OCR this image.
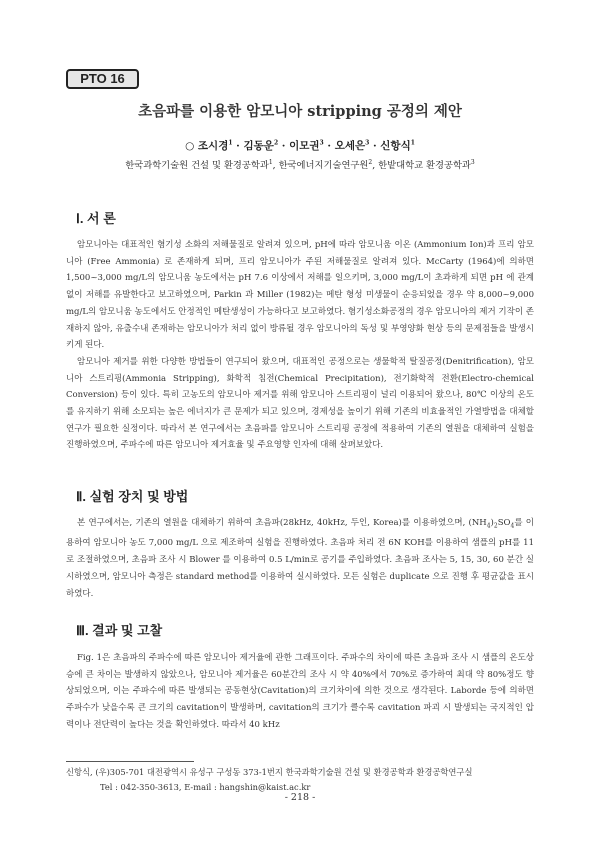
PTO 16
초음파를 이용한 암모니아 stripping 공정의 제안
○ 조시경$^1$ · 김동운$^2$ · 이모권$^3$ · 오세은$^3$ · 신항식$^1$
한국과학기술원 건설 및 환경공학과$^1$, 한국에너지기술연구원$^2$, 한밭대학교 환경공학과$^3$
Ⅰ. 서 론

암모니아는 대표적인 혐기성 소화의 저해물질로 알려져 있으며, pH에 따라 암모니움 이온 (Ammonium Ion)과 프리 암모니아 (Free Ammonia) 로 존재하게 되며, 프리 암모니아가 주된 저해물질로 알려져 있다. McCarty (1964)에 의하면 1,500~3,000 mg/L의 암모니움 농도에서는 pH 7.6 이상에서 저해를 일으키며, 3,000 mg/L이 초과하게 되면 pH 에 관계없이 저해를 유발한다고 보고하였으며, Parkin 과 Miller (1982)는 메탄 형성 미생물이 순응되었을 경우 약 8,000~9,000 mg/L의 암모니움 농도에서도 안정적인 메탄생성이 가능하다고 보고하였다. 혐기성소화공정의 경우 암모니아의 제거 기작이 존재하지 않아, 유출수내 존재하는 암모니아가 처리 없이 방류될 경우 암모니아의 독성 및 부영양화 현상 등의 문제점들을 발생시키게 된다.

암모니아 제거를 위한 다양한 방법들이 연구되어 왔으며, 대표적인 공정으로는 생물학적 탈질공정(Denitrification), 암모니아 스트리핑(Ammonia Stripping), 화학적 침전(Chemical Precipitation), 전기화학적 전환(Electro-chemical Conversion) 등이 있다. 특히 고농도의 암모니아 제거를 위해 암모니아 스트리핑이 널리 이용되어 왔으나, 80℃ 이상의 온도를 유지하기 위해 소모되는 높은 에너지가 큰 문제가 되고 있으며, 경제성을 높이기 위해 기존의 비효율적인 가열방법을 대체할 연구가 필요한 실정이다. 따라서 본 연구에서는 초음파를 암모니아 스트리핑 공정에 적용하여 기존의 열원을 대체하여 실험을 진행하였으며, 주파수에 따른 암모니아 제거효율 및 주요영향 인자에 대해 살펴보았다.

Ⅱ. 실험 장치 및 방법

본 연구에서는, 기존의 열원을 대체하기 위하여 초음파(28kHz, 40kHz, 두인, Korea)를 이용하였으며, $(NH_4)_2SO_4$를 이용하여 암모니아 농도 7,000 mg/L 으로 제조하여 실험을 진행하였다. 초음파 처리 전 6N KOH를 이용하여 샘플의 pH를 11로 조절하였으며, 초음파 조사 시 Blower 를 이용하여 0.5 L/min로 공기를 주입하였다. 초음파 조사는 5, 15, 30, 60 분간 실시하였으며, 암모니아 측정은 standard method를 이용하여 실시하였다. 모든 실험은 duplicate 으로 진행 후 평균값을 표시하였다.

Ⅲ. 결과 및 고찰

Fig. 1은 초음파의 주파수에 따른 암모니아 제거율에 관한 그래프이다. 주파수의 차이에 따른 초음파 조사 시 샘플의 온도상승에 큰 차이는 발생하지 않았으나, 암모니아 제거율은 60분간의 조사 시 약 40%에서 70%로 증가하여 최대 약 80%정도 향상되었으며, 이는 주파수에 따른 발생되는 공동현상(Cavitation)의 크기차이에 의한 것으로 생각된다. Laborde 등에 의하면 주파수가 낮을수록 큰 크기의 cavitation이 발생하며, cavitation의 크기가 클수록 cavitation 파괴 시 발생되는 국지적인 압력이나 전단력이 높다는 것을 확인하였다. 따라서 40 kHz

신항식, (우)305-701 대전광역시 유성구 구성동 373-1번지 한국과학기술원 건설 및 환경공학과 환경공학연구실
Tel : 042-350-3613, E-mail : hangshin@kaist.ac.kr
- 218 -
